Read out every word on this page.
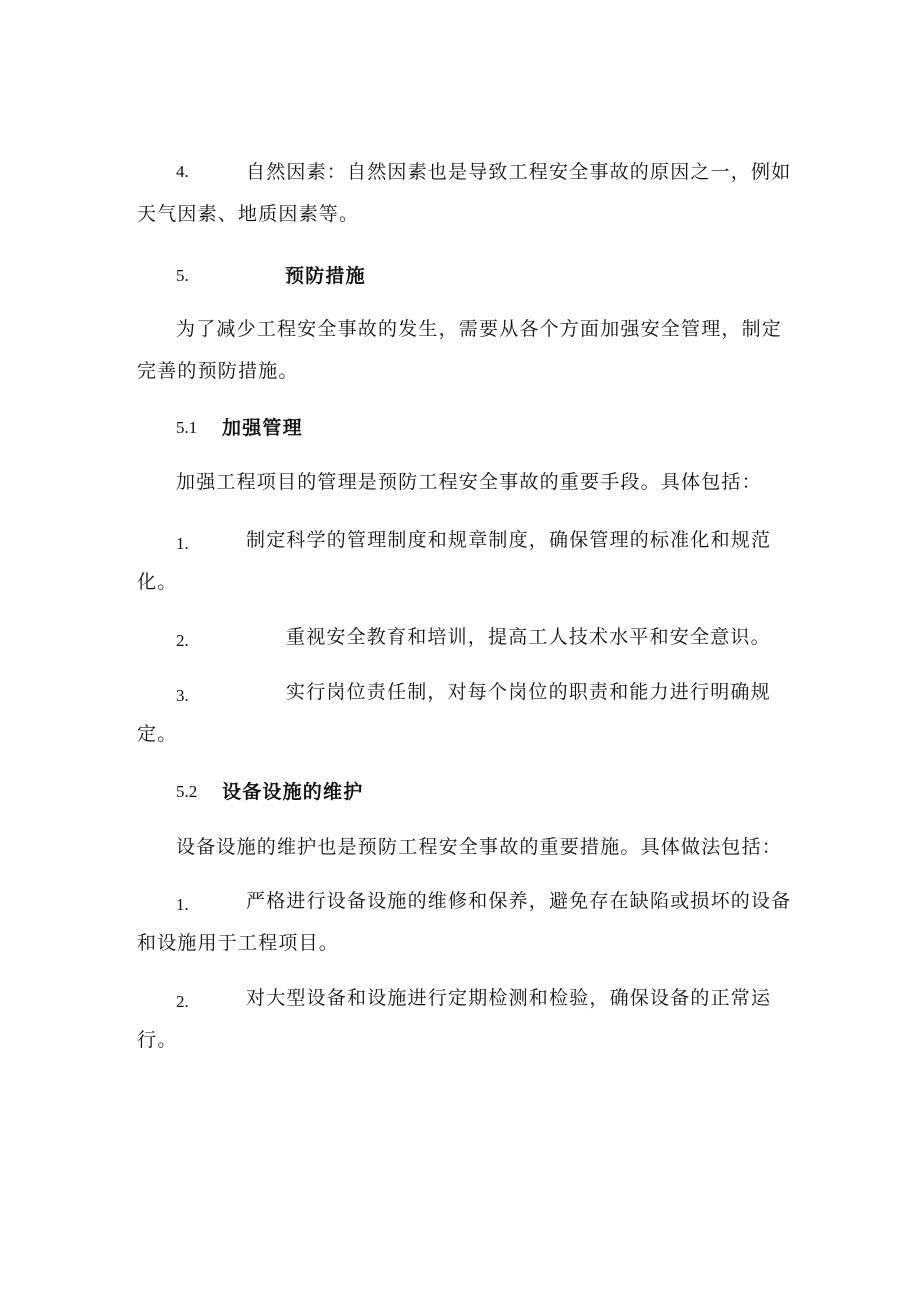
4.	自然因素：自然因素也是导致工程安全事故的原因之一，例如
天气因素、地质因素等。
5.	预防措施
为了减少工程安全事故的发生，需要从各个方面加强安全管理，制定
完善的预防措施。
5.1 加强管理
加强工程项目的管理是预防工程安全事故的重要手段。具体包括：
1.	制定科学的管理制度和规章制度，确保管理的标准化和规范
化。
2.	重视安全教育和培训，提高工人技术水平和安全意识。
3.	实行岗位责任制，对每个岗位的职责和能力进行明确规
定。
5.2 设备设施的维护
设备设施的维护也是预防工程安全事故的重要措施。具体做法包括：
1.	严格进行设备设施的维修和保养，避免存在缺陷或损坏的设备
和设施用于工程项目。
2.	对大型设备和设施进行定期检测和检验，确保设备的正常运
行。
